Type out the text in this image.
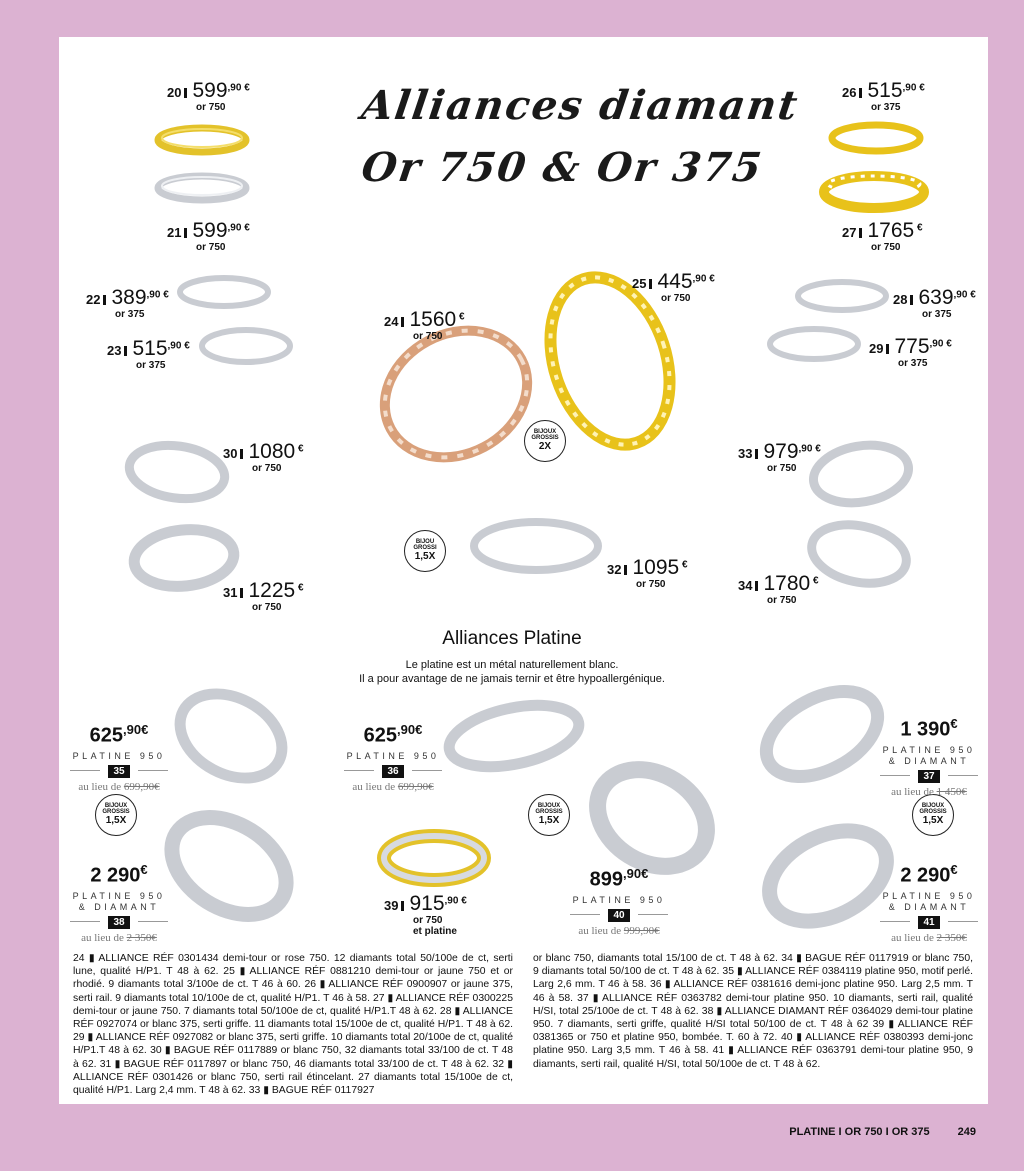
Alliances diamant
Or 750 & Or 375
20 $599^{,90 €}$
or 750
21 $599^{,90 €}$
or 750
26 $515^{,90 €}$
or 375
27 1765 €
or 750
22 $389^{,90 €}$
or 375
23 $515^{,90 €}$
or 375
24 1560 €
or 750
25 $445^{,90 €}$
or 750	28 $639^{,90 €}$
or 375
29 $775^{,90 €}$
or 375
30 1080 €
or 750
31 1225 €
or 750
32 1095 €
or 750
33 $979^{,90 €}$
or 750
34 1780 €
or 750
39 $915^{,90 €}$
or 750
et platine
BIJOUX GROSSIS
2X
BIJOU GROSSI
1,5X
BIJOUX GROSSIS
1,5X
BIJOUX GROSSIS
1,5X
BIJOUX GROSSIS
1,5X
Alliances Platine
Le platine est un métal naturellement blanc.
Il a pour avantage de ne jamais ternir et être hypoallergénique.
$625^{,90€}$
PLATINE 950
35
au lieu de 699,90€
$625^{,90€}$
PLATINE 950
36
au lieu de 699,90€
1 390€
PLATINE 950
& DIAMANT
37
au lieu de 1 450€
2 290€
PLATINE 950
& DIAMANT
38
au lieu de 2 350€
$899^{,90€}$
PLATINE 950
40
au lieu de 999,90€
2 290€
PLATINE 950
& DIAMANT
41
au lieu de 2 350€
24 ▮ ALLIANCE RÉF 0301434 demi-tour or rose 750. 12 diamants total 50/100e de ct, serti lune, qualité H/P1. T 48 à 62. 25 ▮ ALLIANCE RÉF 0881210 demi-tour or jaune 750 et or rhodié. 9 diamants total 3/100e de ct. T 46 à 60. 26 ▮ ALLIANCE RÉF 0900907 or jaune 375, serti rail. 9 diamants total 10/100e de ct, qualité H/P1. T 46 à 58. 27 ▮ ALLIANCE RÉF 0300225 demi-tour or jaune 750. 7 diamants total 50/100e de ct, qualité H/P1.T 48 à 62. 28 ▮ ALLIANCE RÉF 0927074 or blanc 375, serti griffe. 11 diamants total 15/100e de ct, qualité H/P1. T 48 à 62. 29 ▮ ALLIANCE RÉF 0927082 or blanc 375, serti griffe. 10 diamants total 20/100e de ct, qualité H/P1.T 48 à 62. 30 ▮ BAGUE RÉF 0117889 or blanc 750, 32 diamants total 33/100 de ct. T 48 à 62. 31 ▮ BAGUE RÉF 0117897 or blanc 750, 46 diamants total 33/100 de ct. T 48 à 62. 32 ▮ ALLIANCE RÉF 0301426 or blanc 750, serti rail étincelant. 27 diamants total 15/100e de ct, qualité H/P1. Larg 2,4 mm. T 48 à 62. 33 ▮ BAGUE RÉF 0117927
or blanc 750, diamants total 15/100 de ct. T 48 à 62. 34 ▮ BAGUE RÉF 0117919 or blanc 750, 9 diamants total 50/100 de ct. T 48 à 62. 35 ▮ ALLIANCE RÉF 0384119 platine 950, motif perlé. Larg 2,6 mm. T 46 à 58. 36 ▮ ALLIANCE RÉF 0381616 demi-jonc platine 950. Larg 2,5 mm. T 46 à 58. 37 ▮ ALLIANCE RÉF 0363782 demi-tour platine 950. 10 diamants, serti rail, qualité H/SI, total 25/100e de ct. T 48 à 62. 38 ▮ ALLIANCE DIAMANT RÉF 0364029 demi-tour platine 950. 7 diamants, serti griffe, qualité H/SI total 50/100 de ct. T 48 à 62 39 ▮ ALLIANCE RÉF 0381365 or 750 et platine 950, bombée. T. 60 à 72. 40 ▮ ALLIANCE RÉF 0380393 demi-jonc platine 950. Larg 3,5 mm. T 46 à 58. 41 ▮ ALLIANCE RÉF 0363791 demi-tour platine 950, 9 diamants, serti rail, qualité H/SI, total 50/100e de ct. T 48 à 62.
PLATINE I OR 750 I OR 375	249
